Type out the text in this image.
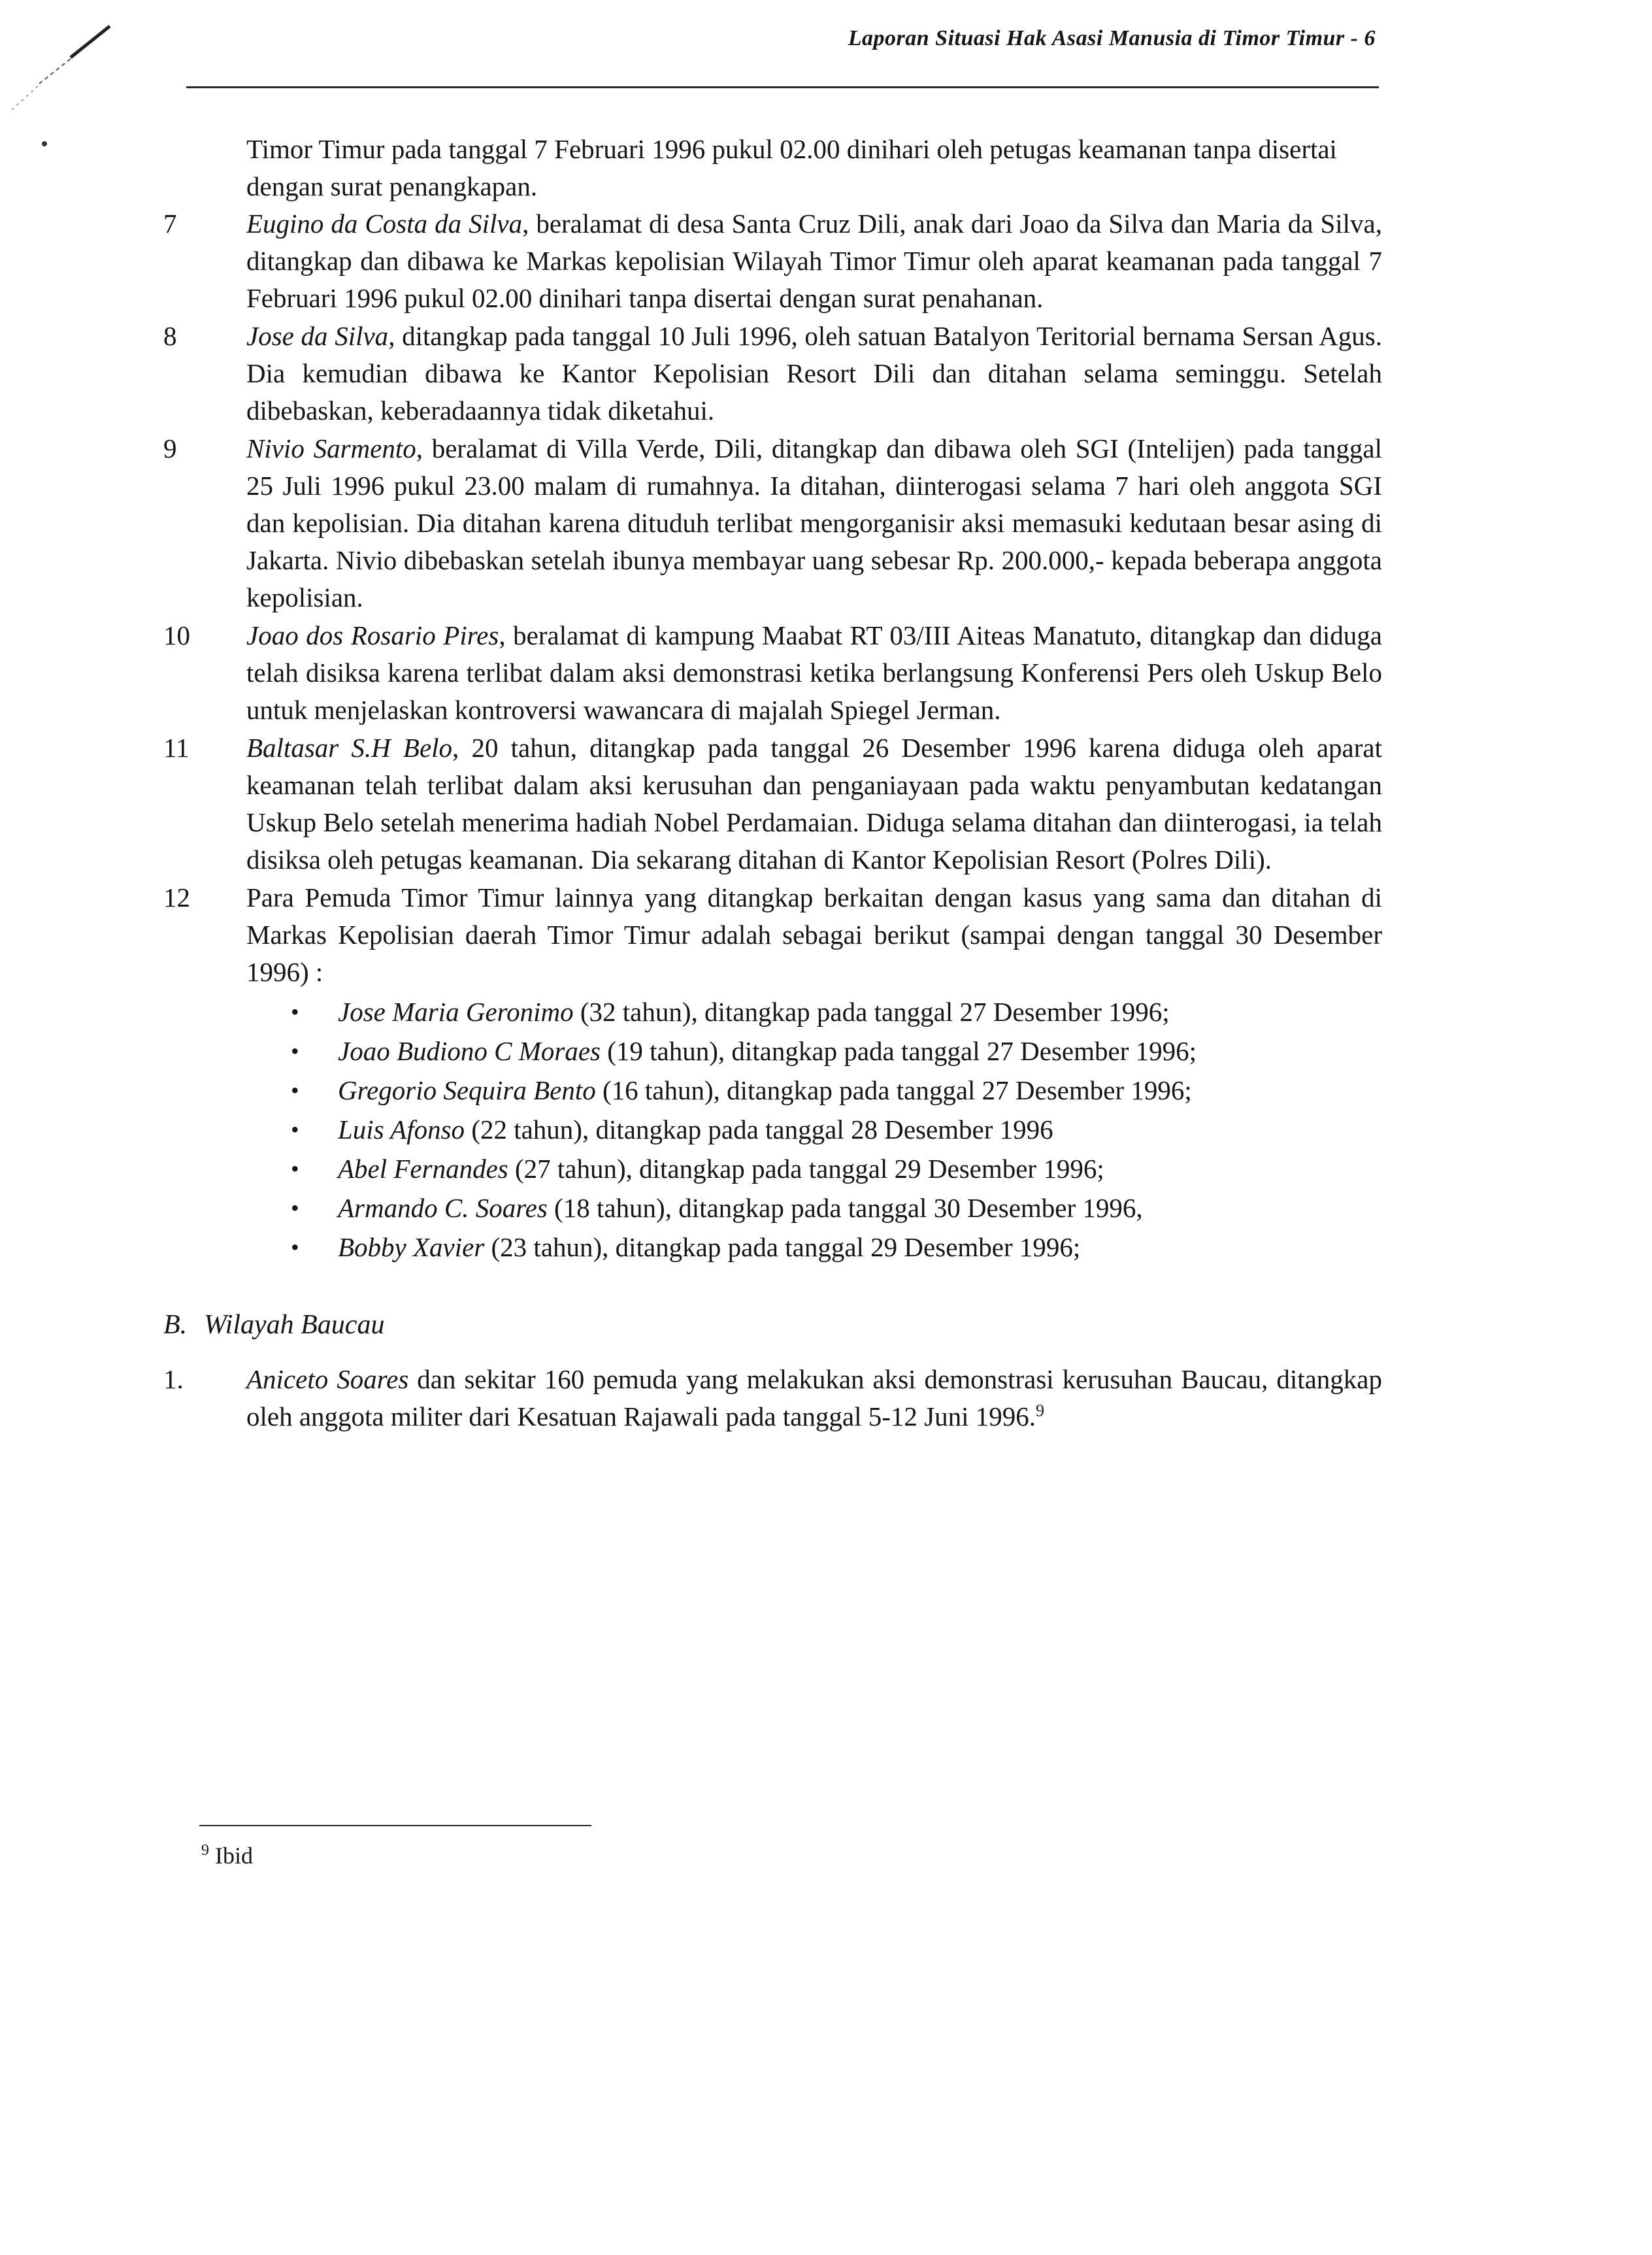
Laporan Situasi Hak Asasi Manusia di Timor Timur - 6
Timor Timur pada tanggal 7 Februari 1996 pukul 02.00 dinihari oleh petugas keamanan tanpa disertai dengan surat penangkapan.
7	Eugino da Costa da Silva, beralamat di desa Santa Cruz Dili, anak dari Joao da Silva dan Maria da Silva, ditangkap dan dibawa ke Markas kepolisian Wilayah Timor Timur oleh aparat keamanan pada tanggal 7 Februari 1996 pukul 02.00 dinihari tanpa disertai dengan surat penahanan.
8	Jose da Silva, ditangkap pada tanggal 10 Juli 1996, oleh satuan Batalyon Teritorial bernama Sersan Agus. Dia kemudian dibawa ke Kantor Kepolisian Resort Dili dan ditahan selama seminggu. Setelah dibebaskan, keberadaannya tidak diketahui.
9	Nivio Sarmento, beralamat di Villa Verde, Dili, ditangkap dan dibawa oleh SGI (Intelijen) pada tanggal 25 Juli 1996 pukul 23.00 malam di rumahnya. Ia ditahan, diinterogasi selama 7 hari oleh anggota SGI dan kepolisian. Dia ditahan karena dituduh terlibat mengorganisir aksi memasuki kedutaan besar asing di Jakarta. Nivio dibebaskan setelah ibunya membayar uang sebesar Rp. 200.000,- kepada beberapa anggota kepolisian.
10	Joao dos Rosario Pires, beralamat di kampung Maabat RT 03/III Aiteas Manatuto, ditangkap dan diduga telah disiksa karena terlibat dalam aksi demonstrasi ketika berlangsung Konferensi Pers oleh Uskup Belo untuk menjelaskan kontroversi wawancara di majalah Spiegel Jerman.
11	Baltasar S.H Belo, 20 tahun, ditangkap pada tanggal 26 Desember 1996 karena diduga oleh aparat keamanan telah terlibat dalam aksi kerusuhan dan penganiayaan pada waktu penyambutan kedatangan Uskup Belo setelah menerima hadiah Nobel Perdamaian. Diduga selama ditahan dan diinterogasi, ia telah disiksa oleh petugas keamanan. Dia sekarang ditahan di Kantor Kepolisian Resort (Polres Dili).
12	Para Pemuda Timor Timur lainnya yang ditangkap berkaitan dengan kasus yang sama dan ditahan di Markas Kepolisian daerah Timor Timur adalah sebagai berikut (sampai dengan tanggal 30 Desember 1996) :
•	Jose Maria Geronimo (32 tahun), ditangkap pada tanggal 27 Desember 1996;
•	Joao Budiono C Moraes (19 tahun), ditangkap pada tanggal 27 Desember 1996;
•	Gregorio Sequira Bento (16 tahun), ditangkap pada tanggal 27 Desember 1996;
•	Luis Afonso (22 tahun), ditangkap pada tanggal 28 Desember 1996
•	Abel Fernandes (27 tahun), ditangkap pada tanggal 29 Desember 1996;
•	Armando C. Soares (18 tahun), ditangkap pada tanggal 30 Desember 1996,
•	Bobby Xavier (23 tahun), ditangkap pada tanggal 29 Desember 1996;
B. Wilayah Baucau
1.	Aniceto Soares dan sekitar 160 pemuda yang melakukan aksi demonstrasi kerusuhan Baucau, ditangkap oleh anggota militer dari Kesatuan Rajawali pada tanggal 5-12 Juni 1996.$^9$
$^9$ Ibid
